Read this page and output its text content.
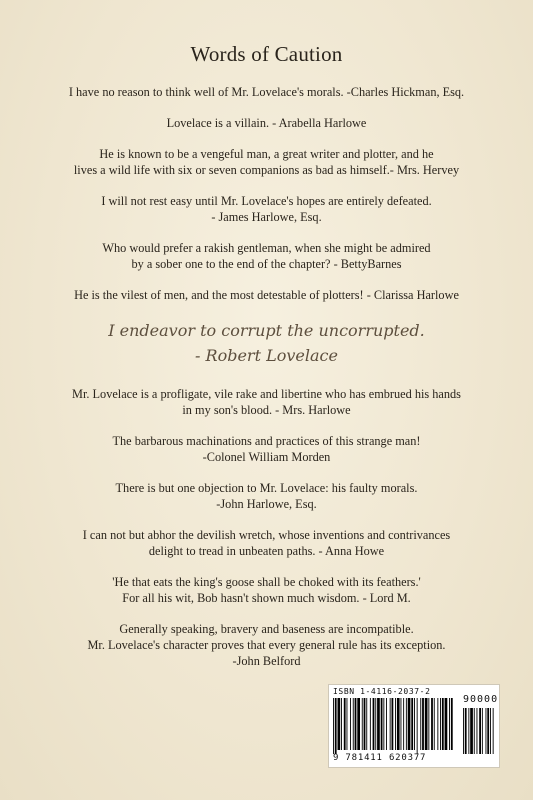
Words of Caution
I have no reason to think well of Mr. Lovelace's morals. -Charles Hickman, Esq.
Lovelace is a villain. - Arabella Harlowe
He is known to be a vengeful man, a great writer and plotter, and he
lives a wild life with six or seven companions as bad as himself.- Mrs. Hervey
I will not rest easy until Mr. Lovelace's hopes are entirely defeated.
- James Harlowe, Esq.
Who would prefer a rakish gentleman, when she might be admired
by a sober one to the end of the chapter? - BettyBarnes
He is the vilest of men, and the most detestable of plotters! - Clarissa Harlowe
I endeavor to corrupt the uncorrupted.
- Robert Lovelace
Mr. Lovelace is a profligate, vile rake and libertine who has embrued his hands
in my son's blood. - Mrs. Harlowe
The barbarous machinations and practices of this strange man!
-Colonel William Morden
There is but one objection to Mr. Lovelace: his faulty morals.
-John Harlowe, Esq.
I can not but abhor the devilish wretch, whose inventions and contrivances
delight to tread in unbeaten paths. - Anna Howe
'He that eats the king's goose shall be choked with its feathers.'
For all his wit, Bob hasn't shown much wisdom. - Lord M.
Generally speaking, bravery and baseness are incompatible.
Mr. Lovelace's character proves that every general rule has its exception.
-John Belford
ISBN 1-4116-2037-2
90000
9 781411 620377
